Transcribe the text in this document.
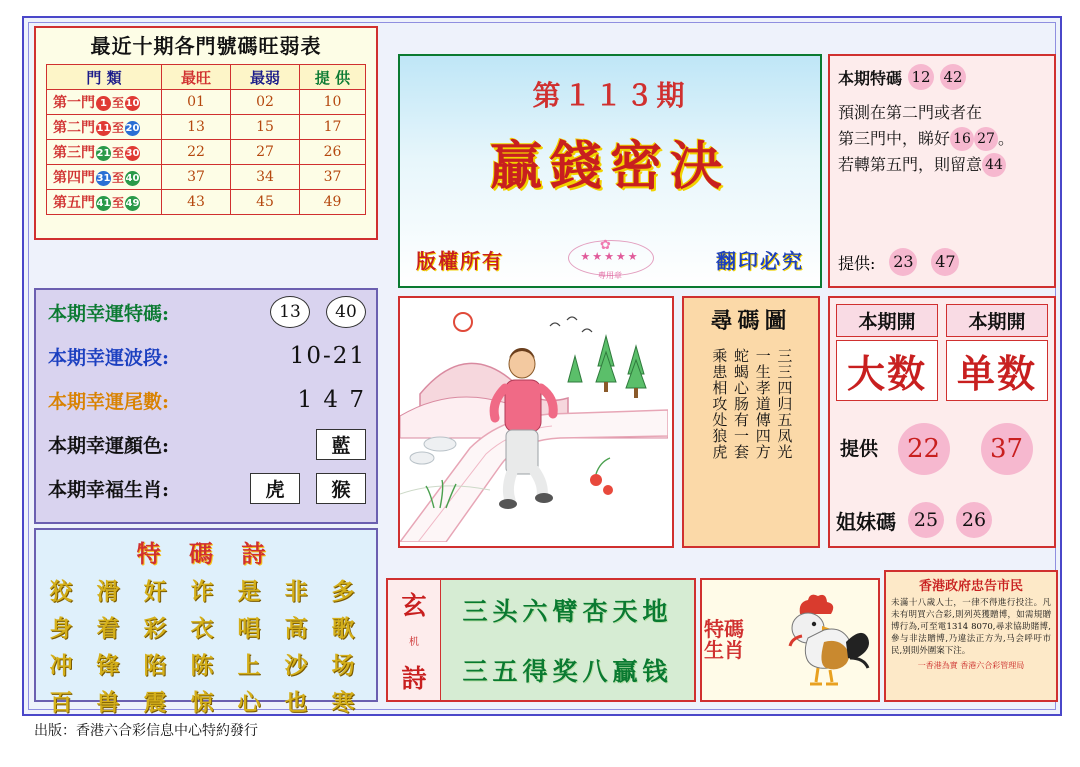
最近十期各門號碼旺弱表
門 類	最旺	最弱	提 供
第一門 1 至 10	01	02	10
第二門 11 至 20	13	15	17
第三門 21 至 30	22	27	26
第四門 31 至 40	37	34	37
第五門 41 至 49	43	45	49
本期幸運特碼:	13	40
本期幸運波段:	10-21
本期幸運尾數:	1 4 7
本期幸運顏色:	藍
本期幸福生肖:	虎	猴
特 碼 詩
狡 滑 奸 诈 是 非 多
身 着 彩 衣 唱 高 歌
冲 锋 陷 陈 上 沙 场
百 兽 震 惊 心 也 寒
第１１３期
贏錢密決
版權所有	翻印必究
✿
★★★★★
專用章
尋碼圖
三三四归五凤光
一生孝道傳四方
蛇蝎心肠有一套
乘患相攻处狼虎
本期特碼 12 42
預測在第二門或者在
第三門中，睇好 16 27 。
若轉第五門，則留意 44
提供: 23 47
本期開	本期開
大数 单数
提供	22	37
姐妹碼 25	26
玄
机
詩
三头六臂杏天地
三五得奖八贏钱
特碼生肖
香港政府忠告市民
未滿十八歲人士，一律不得進行投注。凡未有明買六合彩,則列英獲贈博，如需規贈博行為,可至電1314 8070,尋求協助賭博,參与非法贈博,乃違法正方为,马会呼吁市民,别則外圍案下注。
一香港為實 香港六合彩管理局
出版：香港六合彩信息中心特約發行
